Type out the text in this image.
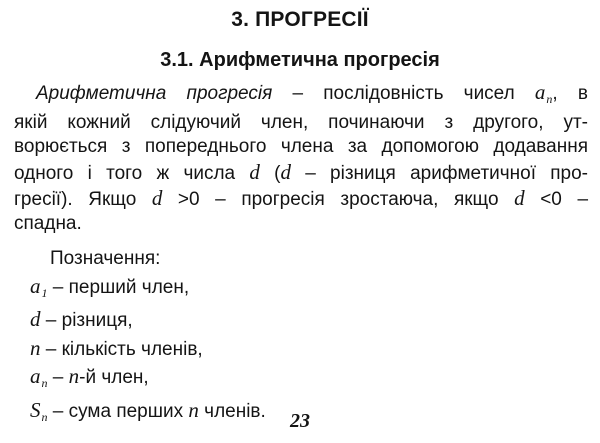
3. ПРОГРЕСІЇ
3.1. Арифметична прогресія
Арифметична прогресія – послідовність чисел $a_n$, в
якій кожний слідуючий член, починаючи з другого, ут-
ворюється з попереднього члена за допомогою додавання
одного і того ж числа d (d – різниця арифметичної про-
гресії). Якщо d >0 – прогресія зростаюча, якщо d <0 –
спадна.
Позначення:
$a_1$ – перший член,
d – різниця,
n – кількість членів,
$a_n - n-й$ член,
$S_n$ – сума перших n членів.	23
